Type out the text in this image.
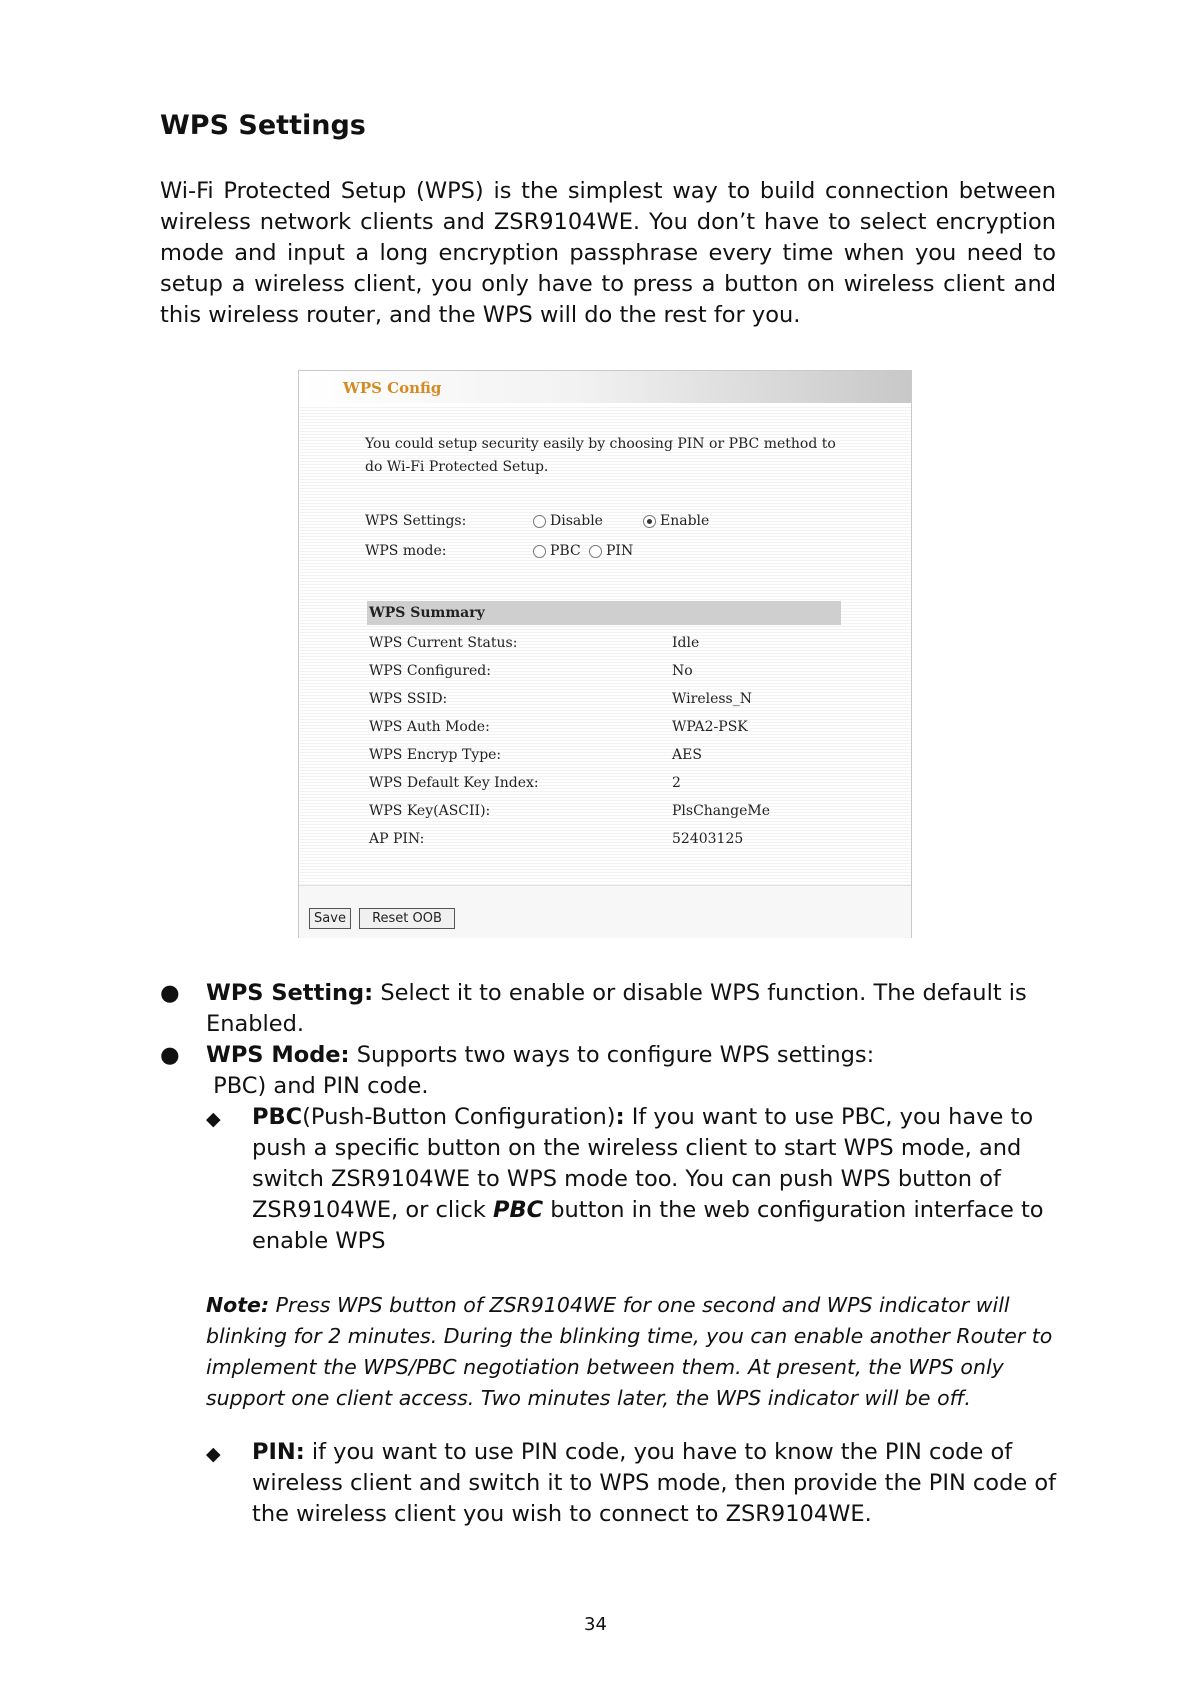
WPS Settings
Wi-Fi Protected Setup (WPS) is the simplest way to build connection between wireless network clients and ZSR9104WE. You don’t have to select encryption mode and input a long encryption passphrase every time when you need to setup a wireless client, you only have to press a button on wireless client and this wireless router, and the WPS will do the rest for you.
WPS Config
You could setup security easily by choosing PIN or PBC method to do Wi-Fi Protected Setup.
WPS Settings:	Disable	Enable
WPS mode:	PBC PIN
WPS Summary
WPS Current Status:	Idle
WPS Configured:	No
WPS SSID:	Wireless_N
WPS Auth Mode:	WPA2-PSK
WPS Encryp Type:	AES
WPS Default Key Index:	2
WPS Key(ASCII):	PlsChangeMe
AP PIN:	52403125
Save	Reset OOB
● WPS Setting: Select it to enable or disable WPS function. The default is
Enabled.
● WPS Mode: Supports two ways to configure WPS settings:
PBC) and PIN code.
◆ PBC(Push-Button Configuration): If you want to use PBC, you have to
push a specific button on the wireless client to start WPS mode, and
switch ZSR9104WE to WPS mode too. You can push WPS button of
ZSR9104WE, or click PBC button in the web configuration interface to
enable WPS
Note: Press WPS button of ZSR9104WE for one second and WPS indicator will
blinking for 2 minutes. During the blinking time, you can enable another Router to
implement the WPS/PBC negotiation between them. At present, the WPS only
support one client access. Two minutes later, the WPS indicator will be off.
◆ PIN: if you want to use PIN code, you have to know the PIN code of
wireless client and switch it to WPS mode, then provide the PIN code of
the wireless client you wish to connect to ZSR9104WE.
34
